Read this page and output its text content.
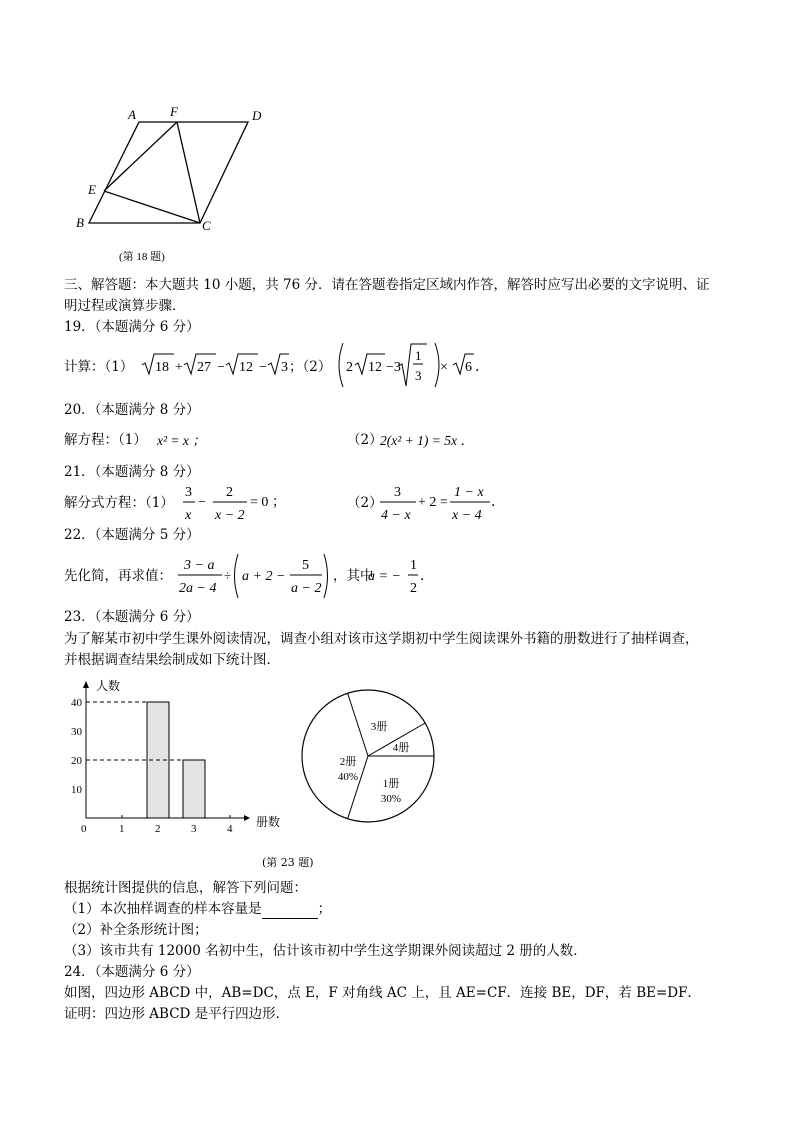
A	F	D
E
B	C
(第 18 题)
三、解答题：本大题共 10 小题，共 76 分．请在答题卷指定区域内作答，解答时应写出必要的文字说明、证
明过程或演算步骤．
19．（本题满分 6 分）
计算：（1） 18 + 27 − 12 − 3 ；（2） 2 12 −3
1
3
× 6 ．
20．（本题满分 8 分）
解方程：（1） x² = x ；	（2）
2(x² + 1) = 5x ．
21．（本题满分 8 分）
解分式方程：（1）
3
x
−
2
x − 2
= 0 ；	（2）
3
4 − x
+ 2 =
1 − x
x − 4
．
22．（本题满分 5 分）
先化简，再求值：
3 − a
2a − 4
÷ a + 2 −
5
a − 2
，其中
a = −
1
2
．
23．（本题满分 6 分）
为了解某市初中学生课外阅读情况，调查小组对该市这学期初中学生阅读课外书籍的册数进行了抽样调查，
并根据调查结果绘制成如下统计图．
人数
册数
10
20
30
40
0	1	2	3	4
3册
4册
1册
30%
2册
40%
(第 23 题)
根据统计图提供的信息，解答下列问题：
（1）本次抽样调查的样本容量是	；
（2）补全条形统计图；
（3）该市共有 12000 名初中生，估计该市初中学生这学期课外阅读超过 2 册的人数．
24．（本题满分 6 分）
如图，四边形 ABCD 中，AB=DC，点 E，F 对角线 AC 上，且 AE=CF．连接 BE，DF，若 BE=DF．
证明：四边形 ABCD 是平行四边形．
